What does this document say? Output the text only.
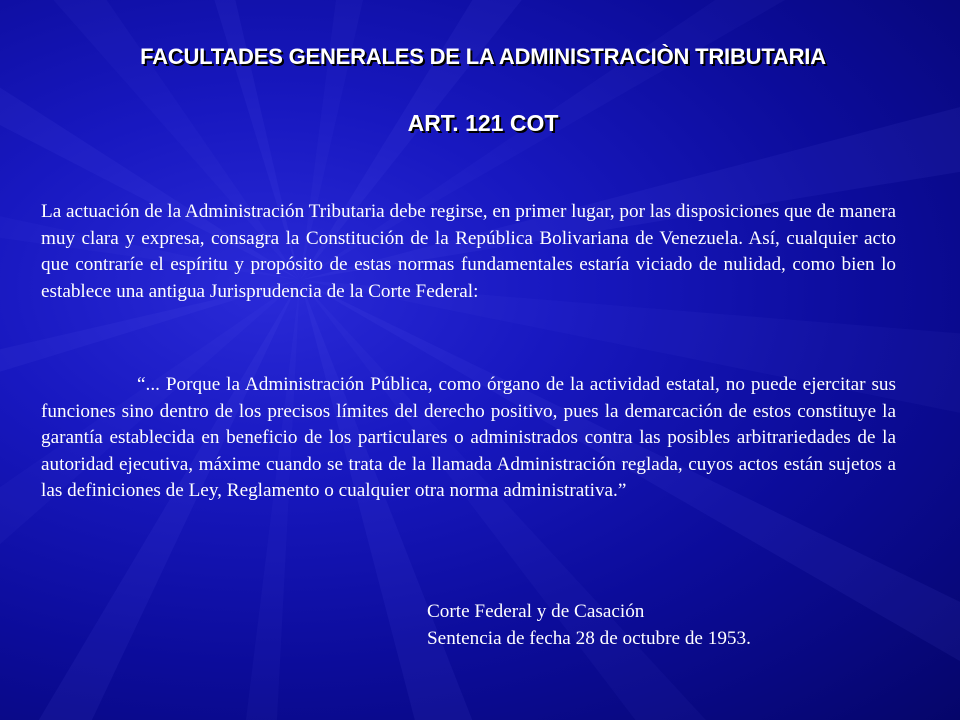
FACULTADES GENERALES DE LA ADMINISTRACIÒN TRIBUTARIA
ART. 121 COT

La actuación de la Administración Tributaria debe regirse, en primer lugar, por las disposiciones que de manera muy clara y expresa, consagra la Constitución de la República Bolivariana de Venezuela. Así, cualquier acto que contraríe el espíritu y propósito de estas normas fundamentales estaría viciado de nulidad, como bien lo establece una antigua Jurisprudencia de la Corte Federal:

“... Porque la Administración Pública, como órgano de la actividad estatal, no puede ejercitar sus funciones sino dentro de los precisos límites del derecho positivo, pues la demarcación de estos constituye la garantía establecida en beneficio de los particulares o administrados contra las posibles arbitrariedades de la autoridad ejecutiva, máxime cuando se trata de la llamada Administración reglada, cuyos actos están sujetos a las definiciones de Ley, Reglamento o cualquier otra norma administrativa.”

Corte Federal y de Casación
Sentencia de fecha 28 de octubre de 1953.
